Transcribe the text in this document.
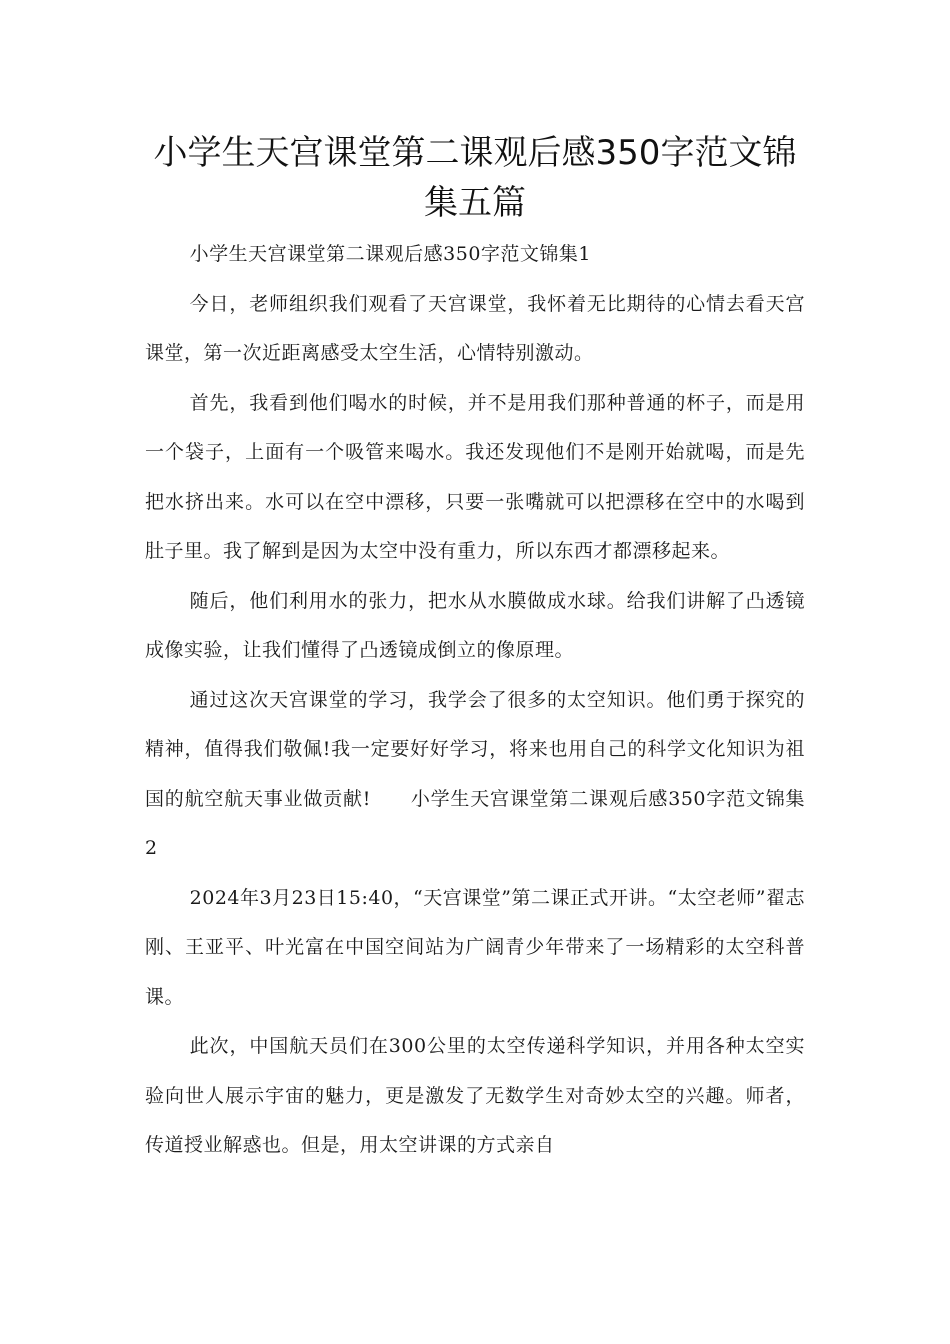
小学生天宫课堂第二课观后感350字范文锦集五篇

小学生天宫课堂第二课观后感350字范文锦集1

今日，老师组织我们观看了天宫课堂，我怀着无比期待的心情去看天宫课堂，第一次近距离感受太空生活，心情特别激动。

首先，我看到他们喝水的时候，并不是用我们那种普通的杯子，而是用一个袋子，上面有一个吸管来喝水。我还发现他们不是刚开始就喝，而是先把水挤出来。水可以在空中漂移，只要一张嘴就可以把漂移在空中的水喝到肚子里。我了解到是因为太空中没有重力，所以东西才都漂移起来。

随后，他们利用水的张力，把水从水膜做成水球。给我们讲解了凸透镜成像实验，让我们懂得了凸透镜成倒立的像原理。

通过这次天宫课堂的学习，我学会了很多的太空知识。他们勇于探究的精神，值得我们敬佩!我一定要好好学习，将来也用自己的科学文化知识为祖国的航空航天事业做贡献!　　小学生天宫课堂第二课观后感350字范文锦集2

2024年3月23日15:40，“天宫课堂”第二课正式开讲。“太空老师”翟志刚、王亚平、叶光富在中国空间站为广阔青少年带来了一场精彩的太空科普课。

此次，中国航天员们在300公里的太空传递科学知识，并用各种太空实验向世人展示宇宙的魅力，更是激发了无数学生对奇妙太空的兴趣。师者，传道授业解惑也。但是，用太空讲课的方式亲自
